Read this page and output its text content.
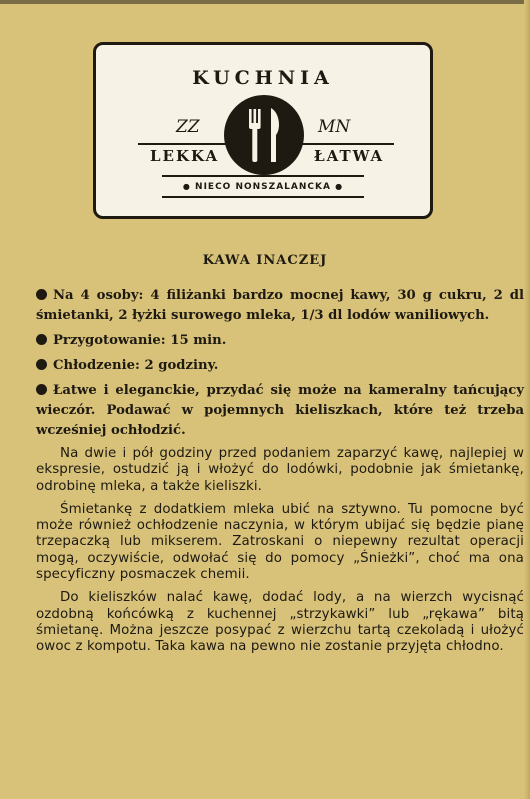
KUCHNIA
ZZ	MN
LEKKA	ŁATWA
● NIECO NONSZALANCKA ●
KAWA INACZEJ

Na 4 osoby: 4 filiżanki bardzo mocnej kawy, 30 g cukru, 2 dl śmietanki, 2 łyżki surowego mleka, 1/3 dl lodów waniliowych.

Przygotowanie: 15 min.

Chłodzenie: 2 godziny.

Łatwe i eleganckie, przydać się może na kameralny tańcujący wieczór. Podawać w pojemnych kieliszkach, które też trzeba wcześniej ochłodzić.

Na dwie i pół godziny przed podaniem zaparzyć kawę, najlepiej w ekspresie, ostudzić ją i włożyć do lodówki, podobnie jak śmietankę, odrobinę mleka, a także kieliszki.

Śmietankę z dodatkiem mleka ubić na sztywno. Tu pomocne być może również ochłodzenie naczynia, w którym ubijać się będzie pianę trzepaczką lub mikserem. Zatroskani o niepewny rezultat operacji mogą, oczywiście, odwołać się do pomocy „Śnieżki”, choć ma ona specyficzny posmaczek chemii.

Do kieliszków nalać kawę, dodać lody, a na wierzch wycisnąć ozdobną końcówką z kuchennej „strzykawki” lub „rękawa” bitą śmietanę. Można jeszcze posypać z wierzchu tartą czekoladą i ułożyć owoc z kompotu. Taka kawa na pewno nie zostanie przyjęta chłodno.
